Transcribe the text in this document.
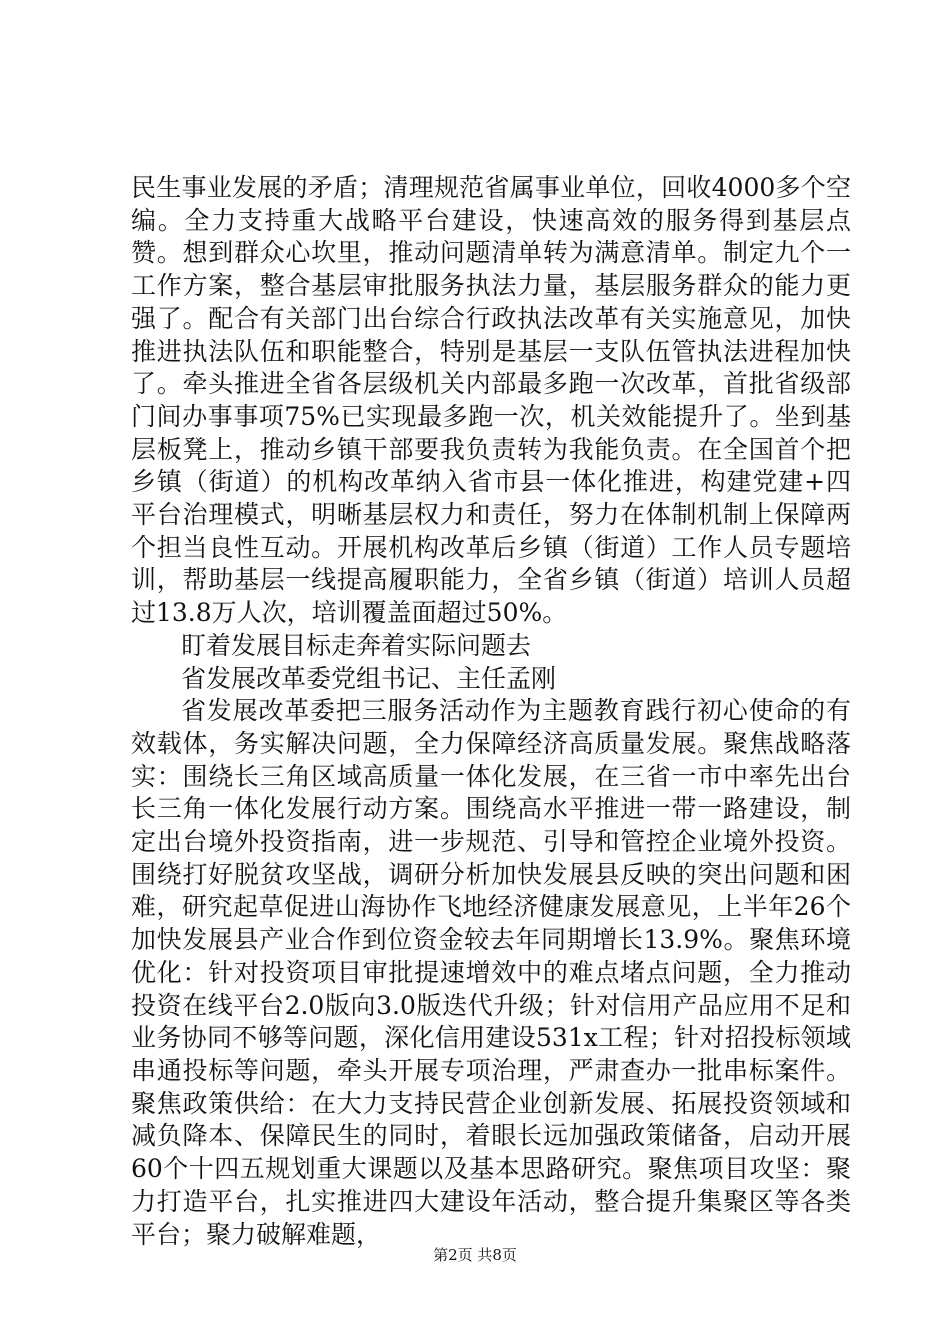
民生事业发展的矛盾；清理规范省属事业单位，回收4000多个空编。全力支持重大战略平台建设，快速高效的服务得到基层点赞。想到群众心坎里，推动问题清单转为满意清单。制定九个一工作方案，整合基层审批服务执法力量，基层服务群众的能力更强了。配合有关部门出台综合行政执法改革有关实施意见，加快推进执法队伍和职能整合，特别是基层一支队伍管执法进程加快了。牵头推进全省各层级机关内部最多跑一次改革，首批省级部门间办事事项75%已实现最多跑一次，机关效能提升了。坐到基层板凳上，推动乡镇干部要我负责转为我能负责。在全国首个把乡镇（街道）的机构改革纳入省市县一体化推进，构建党建+四平台治理模式，明晰基层权力和责任，努力在体制机制上保障两个担当良性互动。开展机构改革后乡镇（街道）工作人员专题培训，帮助基层一线提高履职能力，全省乡镇（街道）培训人员超过13.8万人次，培训覆盖面超过50%。

盯着发展目标走奔着实际问题去

省发展改革委党组书记、主任孟刚

省发展改革委把三服务活动作为主题教育践行初心使命的有效载体，务实解决问题，全力保障经济高质量发展。聚焦战略落实：围绕长三角区域高质量一体化发展，在三省一市中率先出台长三角一体化发展行动方案。围绕高水平推进一带一路建设，制定出台境外投资指南，进一步规范、引导和管控企业境外投资。围绕打好脱贫攻坚战，调研分析加快发展县反映的突出问题和困难，研究起草促进山海协作飞地经济健康发展意见，上半年26个加快发展县产业合作到位资金较去年同期增长13.9%。聚焦环境优化：针对投资项目审批提速增效中的难点堵点问题，全力推动投资在线平台2.0版向3.0版迭代升级；针对信用产品应用不足和业务协同不够等问题，深化信用建设531x工程；针对招投标领域串通投标等问题，牵头开展专项治理，严肃查办一批串标案件。聚焦政策供给：在大力支持民营企业创新发展、拓展投资领域和减负降本、保障民生的同时，着眼长远加强政策储备，启动开展60个十四五规划重大课题以及基本思路研究。聚焦项目攻坚：聚力打造平台，扎实推进四大建设年活动，整合提升集聚区等各类平台；聚力破解难题，

第2页 共8页
